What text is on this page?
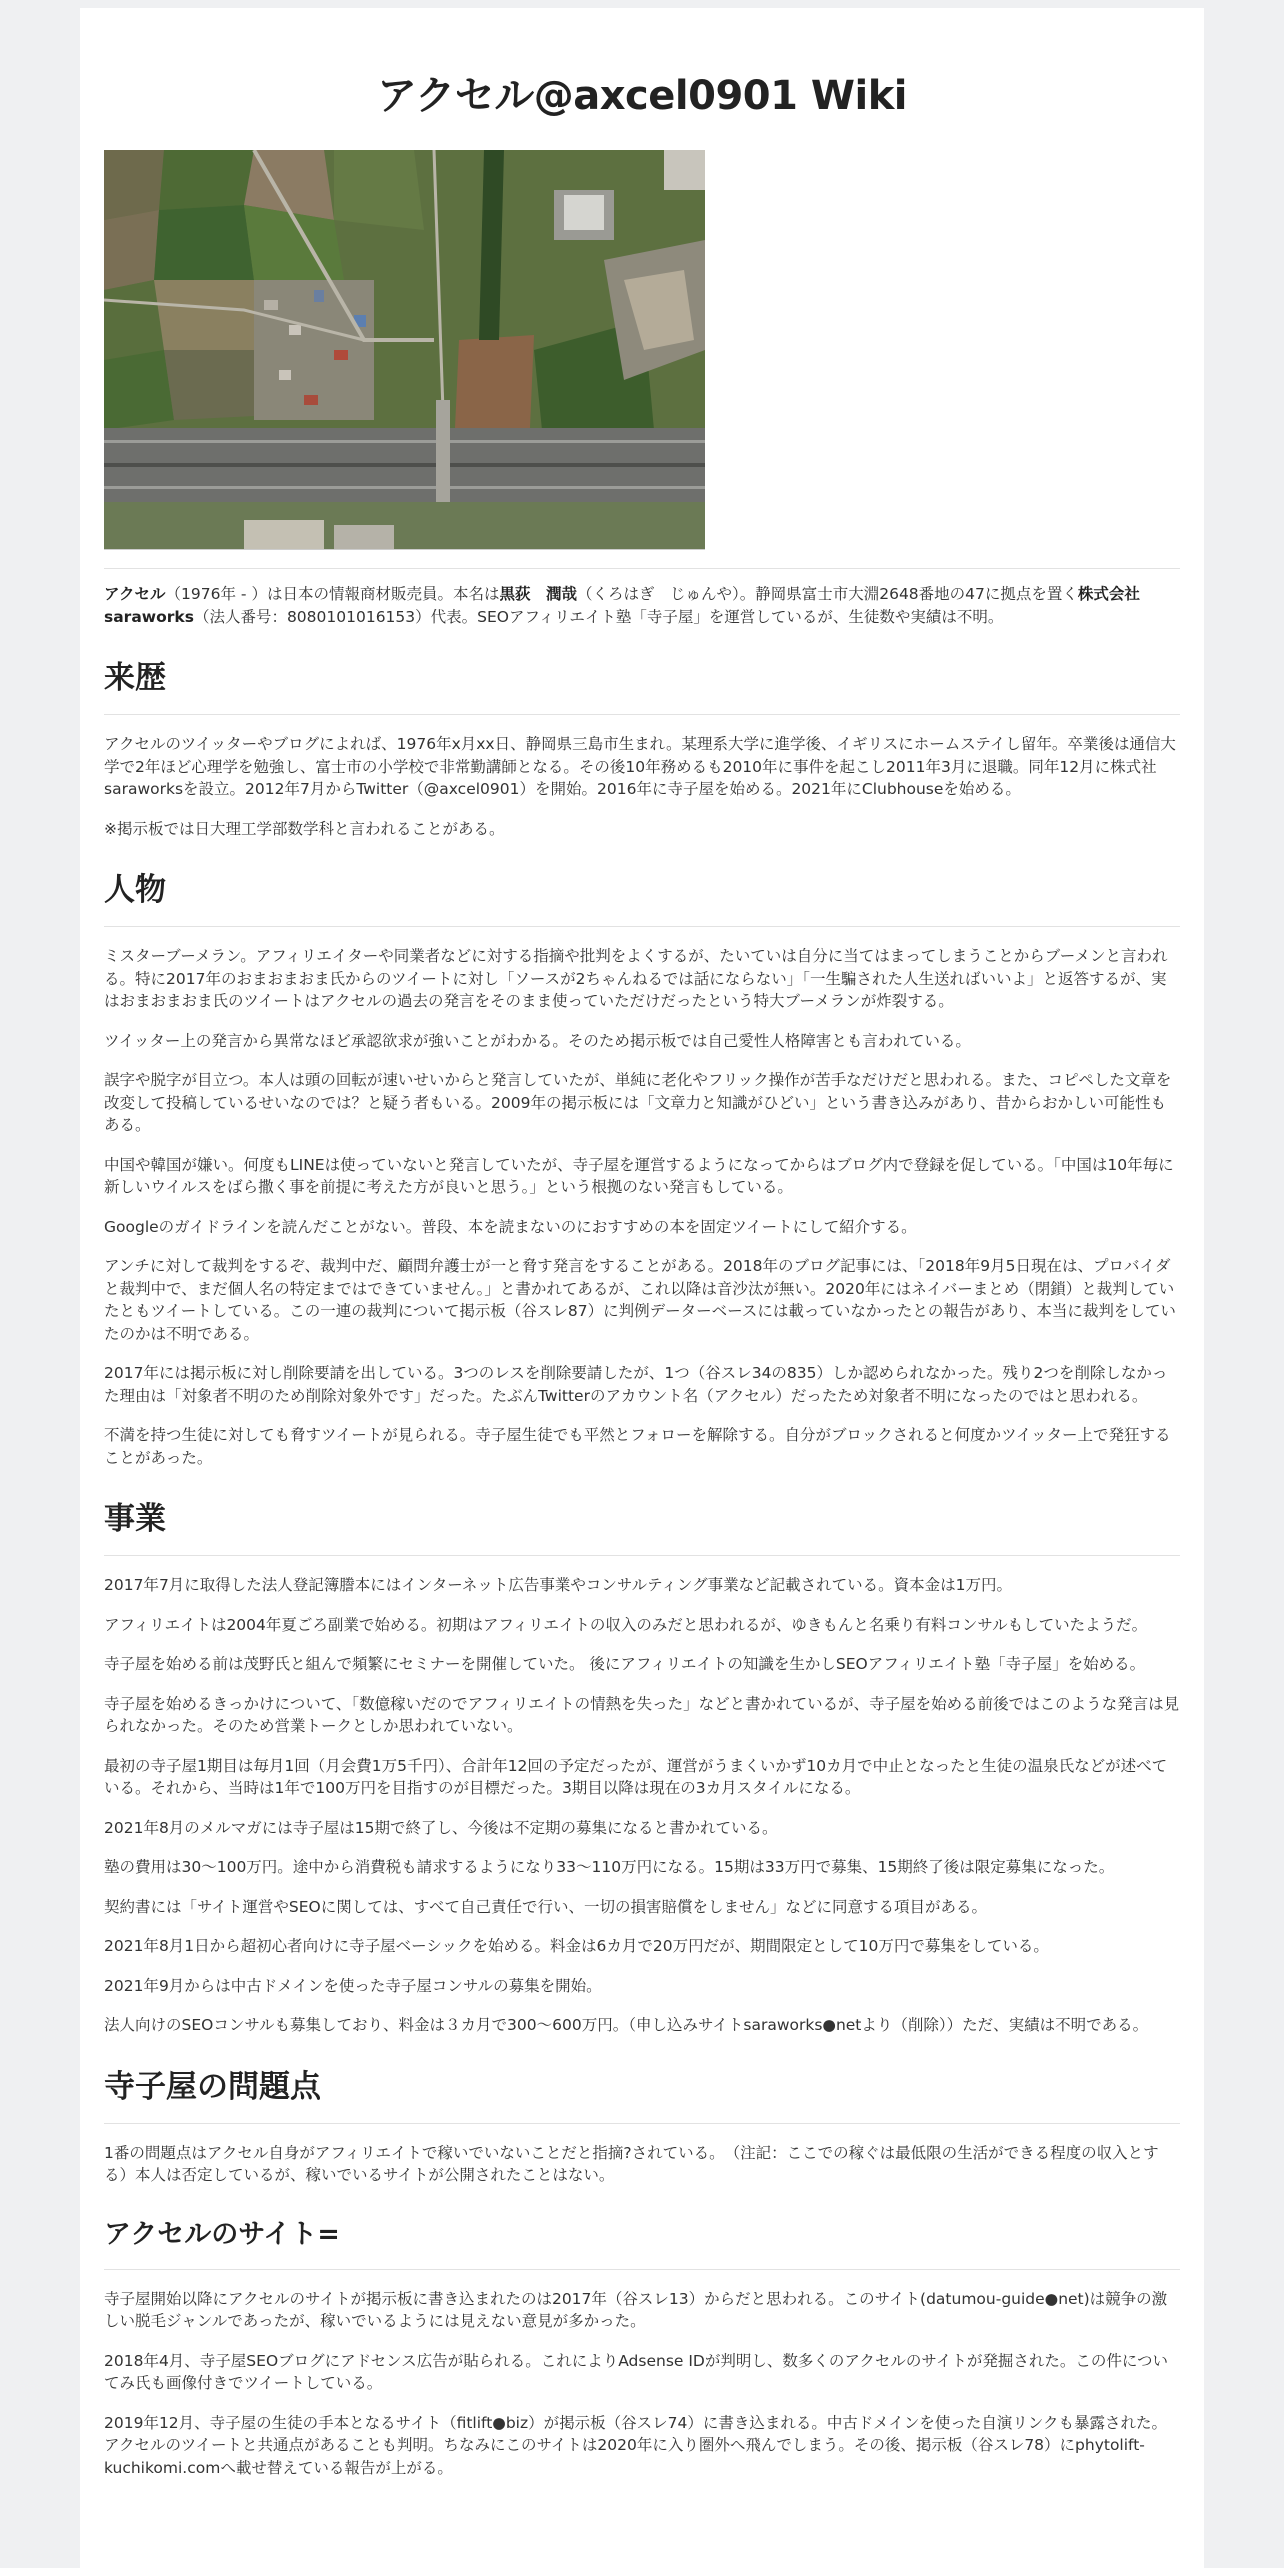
アクセル@axcel0901 Wiki

アクセル（1976年 - ）は日本の情報商材販売員。本名は黒荻　潤哉（くろはぎ　じゅんや）。静岡県富士市大淵2648番地の47に拠点を置く株式会社saraworks（法人番号：8080101016153）代表。SEOアフィリエイト塾「寺子屋」を運営しているが、生徒数や実績は不明。

来歴

アクセルのツイッターやブログによれば、1976年x月xx日、静岡県三島市生まれ。某理系大学に進学後、イギリスにホームステイし留年。卒業後は通信大学で2年ほど心理学を勉強し、富士市の小学校で非常勤講師となる。その後10年務めるも2010年に事件を起こし2011年3月に退職。同年12月に株式社saraworksを設立。2012年7月からTwitter（@axcel0901）を開始。2016年に寺子屋を始める。2021年にClubhouseを始める。

※掲示板では日大理工学部数学科と言われることがある。

人物

ミスターブーメラン。アフィリエイターや同業者などに対する指摘や批判をよくするが、たいていは自分に当てはまってしまうことからブーメンと言われる。特に2017年のおまおまおま氏からのツイートに対し「ソースが2ちゃんねるでは話にならない」「一生騙された人生送ればいいよ」と返答するが、実はおまおまおま氏のツイートはアクセルの過去の発言をそのまま使っていただけだったという特大ブーメランが炸裂する。

ツイッター上の発言から異常なほど承認欲求が強いことがわかる。そのため掲示板では自己愛性人格障害とも言われている。

誤字や脱字が目立つ。本人は頭の回転が速いせいからと発言していたが、単純に老化やフリック操作が苦手なだけだと思われる。また、コピペした文章を改変して投稿しているせいなのでは？と疑う者もいる。2009年の掲示板には「文章力と知識がひどい」という書き込みがあり、昔からおかしい可能性もある。

中国や韓国が嫌い。何度もLINEは使っていないと発言していたが、寺子屋を運営するようになってからはブログ内で登録を促している。「中国は10年毎に新しいウイルスをばら撒く事を前提に考えた方が良いと思う。」という根拠のない発言もしている。

Googleのガイドラインを読んだことがない。普段、本を読まないのにおすすめの本を固定ツイートにして紹介する。

アンチに対して裁判をするぞ、裁判中だ、顧問弁護士が一と脅す発言をすることがある。2018年のブログ記事には、「2018年9月5日現在は、プロバイダと裁判中で、まだ個人名の特定まではできていません。」と書かれてあるが、これ以降は音沙汰が無い。2020年にはネイバーまとめ（閉鎖）と裁判していたともツイートしている。この一連の裁判について掲示板（谷スレ87）に判例データーベースには載っていなかったとの報告があり、本当に裁判をしていたのかは不明である。

2017年には掲示板に対し削除要請を出している。3つのレスを削除要請したが、1つ（谷スレ34の835）しか認められなかった。残り2つを削除しなかった理由は「対象者不明のため削除対象外です」だった。たぶんTwitterのアカウント名（アクセル）だったため対象者不明になったのではと思われる。

不満を持つ生徒に対しても脅すツイートが見られる。寺子屋生徒でも平然とフォローを解除する。自分がブロックされると何度かツイッター上で発狂することがあった。

事業

2017年7月に取得した法人登記簿謄本にはインターネット広告事業やコンサルティング事業など記載されている。資本金は1万円。

アフィリエイトは2004年夏ごろ副業で始める。初期はアフィリエイトの収入のみだと思われるが、ゆきもんと名乗り有料コンサルもしていたようだ。

寺子屋を始める前は茂野氏と組んで頻繁にセミナーを開催していた。 後にアフィリエイトの知識を生かしSEOアフィリエイト塾「寺子屋」を始める。

寺子屋を始めるきっかけについて、「数億稼いだのでアフィリエイトの情熱を失った」などと書かれているが、寺子屋を始める前後ではこのような発言は見られなかった。そのため営業トークとしか思われていない。

最初の寺子屋1期目は毎月1回（月会費1万5千円）、合計年12回の予定だったが、運営がうまくいかず10カ月で中止となったと生徒の温泉氏などが述べている。それから、当時は1年で100万円を目指すのが目標だった。3期目以降は現在の3カ月スタイルになる。

2021年8月のメルマガには寺子屋は15期で終了し、今後は不定期の募集になると書かれている。

塾の費用は30～100万円。途中から消費税も請求するようになり33～110万円になる。15期は33万円で募集、15期終了後は限定募集になった。

契約書には「サイト運営やSEOに関しては、すべて自己責任で行い、一切の損害賠償をしません」などに同意する項目がある。

2021年8月1日から超初心者向けに寺子屋ベーシックを始める。料金は6カ月で20万円だが、期間限定として10万円で募集をしている。

2021年9月からは中古ドメインを使った寺子屋コンサルの募集を開始。

法人向けのSEOコンサルも募集しており、料金は３カ月で300～600万円。（申し込みサイトsaraworks●netより（削除））ただ、実績は不明である。

寺子屋の問題点

1番の問題点はアクセル自身がアフィリエイトで稼いでいないことだと指摘?されている。　（注記：ここでの稼ぐは最低限の生活ができる程度の収入とする）本人は否定しているが、稼いでいるサイトが公開されたことはない。

アクセルのサイト=

寺子屋開始以降にアクセルのサイトが掲示板に書き込まれたのは2017年（谷スレ13）からだと思われる。このサイト(datumou-guide●net)は競争の激しい脱毛ジャンルであったが、稼いでいるようには見えない意見が多かった。

2018年4月、寺子屋SEOブログにアドセンス広告が貼られる。これによりAdsense IDが判明し、数多くのアクセルのサイトが発掘された。この件についてみ氏も画像付きでツイートしている。

2019年12月、寺子屋の生徒の手本となるサイト（fitlift●biz）が掲示板（谷スレ74）に書き込まれる。中古ドメインを使った自演リンクも暴露された。アクセルのツイートと共通点があることも判明。ちなみにこのサイトは2020年に入り圏外へ飛んでしまう。その後、掲示板（谷スレ78）にphytolift-kuchikomi.comへ載せ替えている報告が上がる。
